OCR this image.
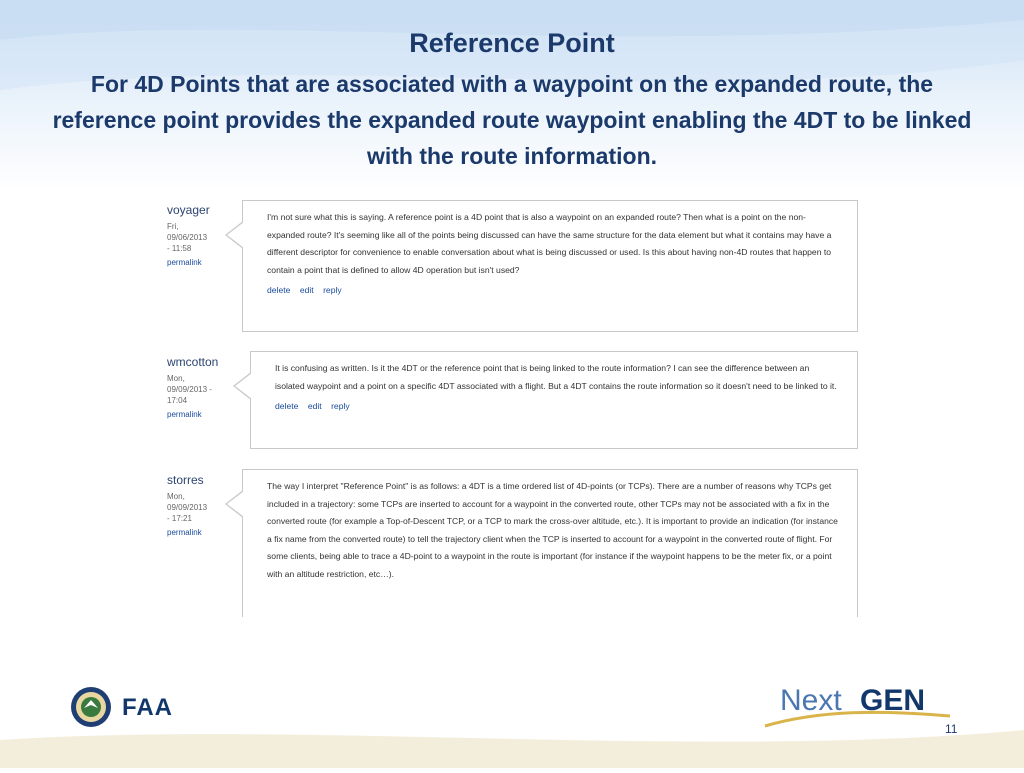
Reference Point

For 4D Points that are associated with a waypoint on the expanded route, the reference point provides the expanded route waypoint enabling the 4DT to be linked with the route information.

voyager
Fri,
09/06/2013
- 11:58
permalink

I'm not sure what this is saying. A reference point is a 4D point that is also a waypoint on an expanded route? Then what is a point on the non-expanded route? It's seeming like all of the points being discussed can have the same structure for the data element but what it contains may have a different descriptor for convenience to enable conversation about what is being discussed or used. Is this about having non-4D routes that happen to contain a point that is defined to allow 4D operation but isn't used?

delete edit reply
wmcotton
Mon,
09/09/2013 -
17:04
permalink

It is confusing as written. Is it the 4DT or the reference point that is being linked to the route information? I can see the difference between an isolated waypoint and a point on a specific 4DT associated with a flight. But a 4DT contains the route information so it doesn't need to be linked to it.

delete edit reply
storres
Mon,
09/09/2013
- 17:21
permalink

The way I interpret "Reference Point" is as follows: a 4DT is a time ordered list of 4D-points (or TCPs). There are a number of reasons why TCPs get included in a trajectory: some TCPs are inserted to account for a waypoint in the converted route, other TCPs may not be associated with a fix in the converted route (for example a Top-of-Descent TCP, or a TCP to mark the cross-over altitude, etc.). It is important to provide an indication (for instance a fix name from the converted route) to tell the trajectory client when the TCP is inserted to account for a waypoint in the converted route of flight. For some clients, being able to trace a 4D-point to a waypoint in the route is important (for instance if the waypoint happens to be the meter fix, or a point with an altitude restriction, etc…).

FAA	Next GEN
11
